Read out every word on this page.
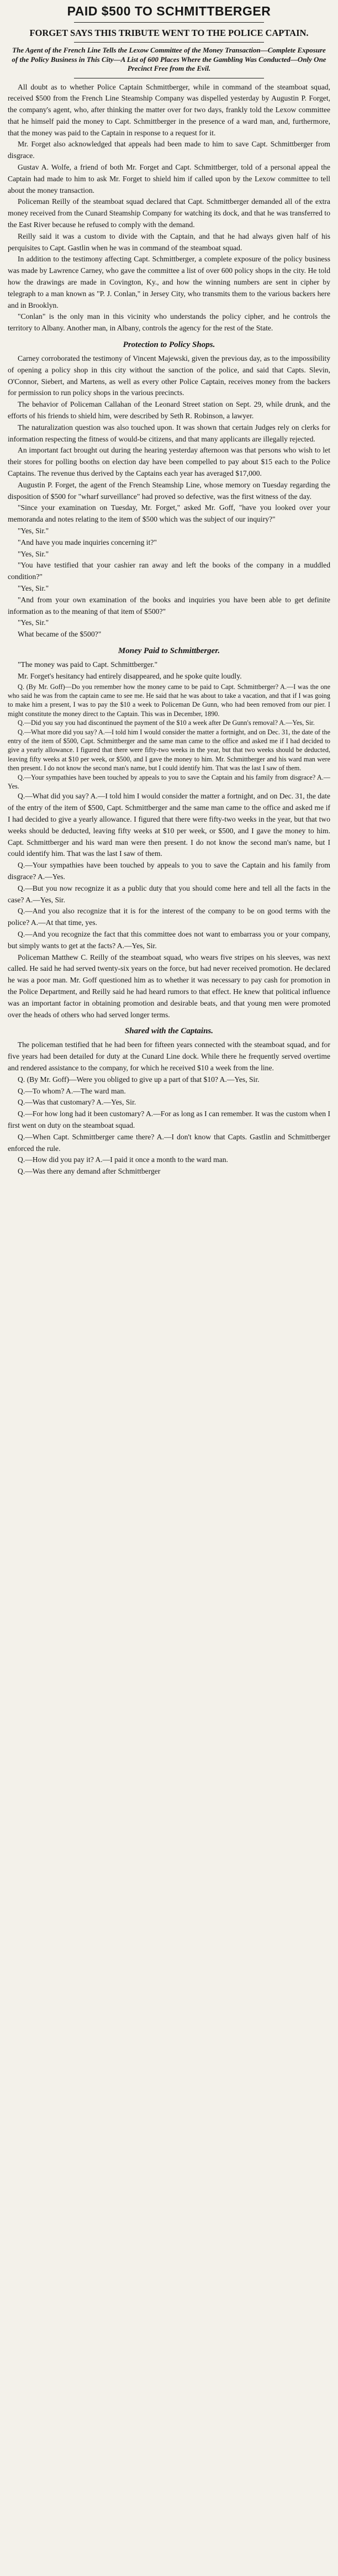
PAID $500 TO SCHMITTBERGER
FORGET SAYS THIS TRIBUTE WENT TO THE POLICE CAPTAIN.

The Agent of the French Line Tells the Lexow Committee of the Money Transaction—Complete Exposure of the Policy Business in This City—A List of 600 Places Where the Gambling Was Conducted—Only One Precinct Free from the Evil.

All doubt as to whether Police Captain Schmittberger, while in command of the steamboat squad, received $500 from the French Line Steamship Company was dispelled yesterday by Augustin P. Forget, the company's agent, who, after thinking the matter over for two days, frankly told the Lexow committee that he himself paid the money to Capt. Schmittberger in the presence of a ward man, and, furthermore, that the money was paid to the Captain in response to a request for it.

Mr. Forget also acknowledged that appeals had been made to him to save Capt. Schmittberger from disgrace.

Gustav A. Wolfe, a friend of both Mr. Forget and Capt. Schmittberger, told of a personal appeal the Captain had made to him to ask Mr. Forget to shield him if called upon by the Lexow committee to tell about the money transaction.

Policeman Reilly of the steamboat squad declared that Capt. Schmittberger demanded all of the extra money received from the Cunard Steamship Company for watching its dock, and that he was transferred to the East River because he refused to comply with the demand.

Reilly said it was a custom to divide with the Captain, and that he had always given half of his perquisites to Capt. Gastlin when he was in command of the steamboat squad.

In addition to the testimony affecting Capt. Schmittberger, a complete exposure of the policy business was made by Lawrence Carney, who gave the committee a list of over 600 policy shops in the city. He told how the drawings are made in Covington, Ky., and how the winning numbers are sent in cipher by telegraph to a man known as "P. J. Conlan," in Jersey City, who transmits them to the various backers here and in Brooklyn.

"Conlan" is the only man in this vicinity who understands the policy cipher, and he controls the territory to Albany. Another man, in Albany, controls the agency for the rest of the State.

Protection to Policy Shops.

Carney corroborated the testimony of Vincent Majewski, given the previous day, as to the impossibility of opening a policy shop in this city without the sanction of the police, and said that Capts. Slevin, O'Connor, Siebert, and Martens, as well as every other Police Captain, receives money from the backers for permission to run policy shops in the various precincts.

The behavior of Policeman Callahan of the Leonard Street station on Sept. 29, while drunk, and the efforts of his friends to shield him, were described by Seth R. Robinson, a lawyer.

The naturalization question was also touched upon. It was shown that certain Judges rely on clerks for information respecting the fitness of would-be citizens, and that many applicants are illegally rejected.

An important fact brought out during the hearing yesterday afternoon was that persons who wish to let their stores for polling booths on election day have been compelled to pay about $15 each to the Police Captains. The revenue thus derived by the Captains each year has averaged $17,000.

Augustin P. Forget, the agent of the French Steamship Line, whose memory on Tuesday regarding the disposition of $500 for "wharf surveillance" had proved so defective, was the first witness of the day.

"Since your examination on Tuesday, Mr. Forget," asked Mr. Goff, "have you looked over your memoranda and notes relating to the item of $500 which was the subject of our inquiry?"

"Yes, Sir."

"And have you made inquiries concerning it?"

"Yes, Sir."

"You have testified that your cashier ran away and left the books of the company in a muddled condition?"

"Yes, Sir."

"And from your own examination of the books and inquiries you have been able to get definite information as to the meaning of that item of $500?"

"Yes, Sir."

What became of the $500?"

Money Paid to Schmittberger.

"The money was paid to Capt. Schmittberger."

Mr. Forget's hesitancy had entirely disappeared, and he spoke quite loudly.

Q. (By Mr. Goff)—Do you remember how the money came to be paid to Capt. Schmittberger? A.—I was the one who said he was from the captain came to see me. He said that he was about to take a vacation, and that if I was going to make him a present, I was to pay the $10 a week to Policeman De Gunn, who had been removed from our pier. I might constitute the money direct to the Captain. This was in December, 1890.

Q.—Did you say you had discontinued the payment of the $10 a week after De Gunn's removal? A.—Yes, Sir.

Q.—What more did you say? A.—I told him I would consider the matter a fortnight, and on Dec. 31, the date of the entry of the item of $500, Capt. Schmittberger and the same man came to the office and asked me if I had decided to give a yearly allowance. I figured that there were fifty-two weeks in the year, but that two weeks should be deducted, leaving fifty weeks at $10 per week, or $500, and I gave the money to him. Mr. Schmittberger and his ward man were then present. I do not know the second man's name, but I could identify him. That was the last I saw of them.

Q.—Your sympathies have been touched by appeals to you to save the Captain and his family from disgrace? A.—Yes.

Q.—What did you say? A.—I told him I would consider the matter a fortnight, and on Dec. 31, the date of the entry of the item of $500, Capt. Schmittberger and the same man came to the office and asked me if I had decided to give a yearly allowance. I figured that there were fifty-two weeks in the year, but that two weeks should be deducted, leaving fifty weeks at $10 per week, or $500, and I gave the money to him. Capt. Schmittberger and his ward man were then present. I do not know the second man's name, but I could identify him. That was the last I saw of them.

Q.—Your sympathies have been touched by appeals to you to save the Captain and his family from disgrace? A.—Yes.

Q.—But you now recognize it as a public duty that you should come here and tell all the facts in the case? A.—Yes, Sir.

Q.—And you also recognize that it is for the interest of the company to be on good terms with the police? A.—At that time, yes.

Q.—And you recognize the fact that this committee does not want to embarrass you or your company, but simply wants to get at the facts? A.—Yes, Sir.

Policeman Matthew C. Reilly of the steamboat squad, who wears five stripes on his sleeves, was next called. He said he had served twenty-six years on the force, but had never received promotion. He declared he was a poor man. Mr. Goff questioned him as to whether it was necessary to pay cash for promotion in the Police Department, and Reilly said he had heard rumors to that effect. He knew that political influence was an important factor in obtaining promotion and desirable beats, and that young men were promoted over the heads of others who had served longer terms.

Shared with the Captains.

The policeman testified that he had been for fifteen years connected with the steamboat squad, and for five years had been detailed for duty at the Cunard Line dock. While there he frequently served overtime and rendered assistance to the company, for which he received $10 a week from the line.

Q. (By Mr. Goff)—Were you obliged to give up a part of that $10? A.—Yes, Sir.

Q.—To whom? A.—The ward man.

Q.—Was that customary? A.—Yes, Sir.

Q.—For how long had it been customary? A.—For as long as I can remember. It was the custom when I first went on duty on the steamboat squad.

Q.—When Capt. Schmittberger came there? A.—I don't know that Capts. Gastlin and Schmittberger enforced the rule.

Q.—How did you pay it? A.—I paid it once a month to the ward man.

Q.—Was there any demand after Schmittberger
